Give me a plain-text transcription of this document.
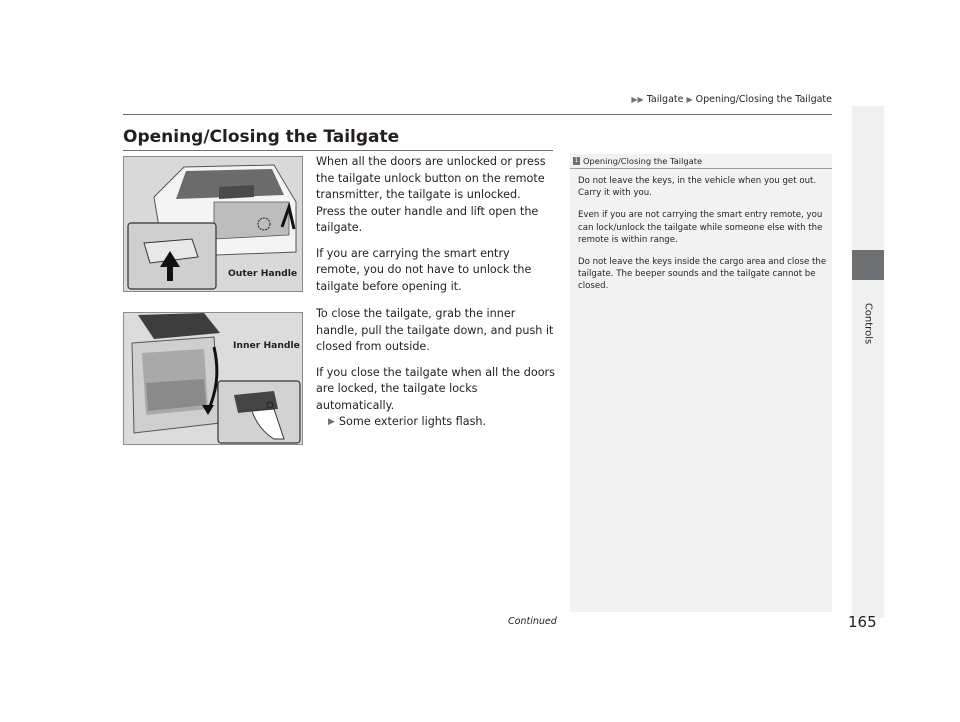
▶▶ Tailgate ▶ Opening/Closing the Tailgate
Controls
Opening/Closing the Tailgate
Outer Handle
Inner Handle

When all the doors are unlocked or press the tailgate unlock button on the remote transmitter, the tailgate is unlocked.

Press the outer handle and lift open the tailgate.

If you are carrying the smart entry remote, you do not have to unlock the tailgate before opening it.

To close the tailgate, grab the inner handle, pull the tailgate down, and push it closed from outside.

If you close the tailgate when all the doors are locked, the tailgate locks automatically.

▶ Some exterior lights flash.
1 Opening/Closing the Tailgate

Do not leave the keys, in the vehicle when you get out. Carry it with you.

Even if you are not carrying the smart entry remote, you can lock/unlock the tailgate while someone else with the remote is within range.

Do not leave the keys inside the cargo area and close the tailgate. The beeper sounds and the tailgate cannot be closed.

Continued	165
